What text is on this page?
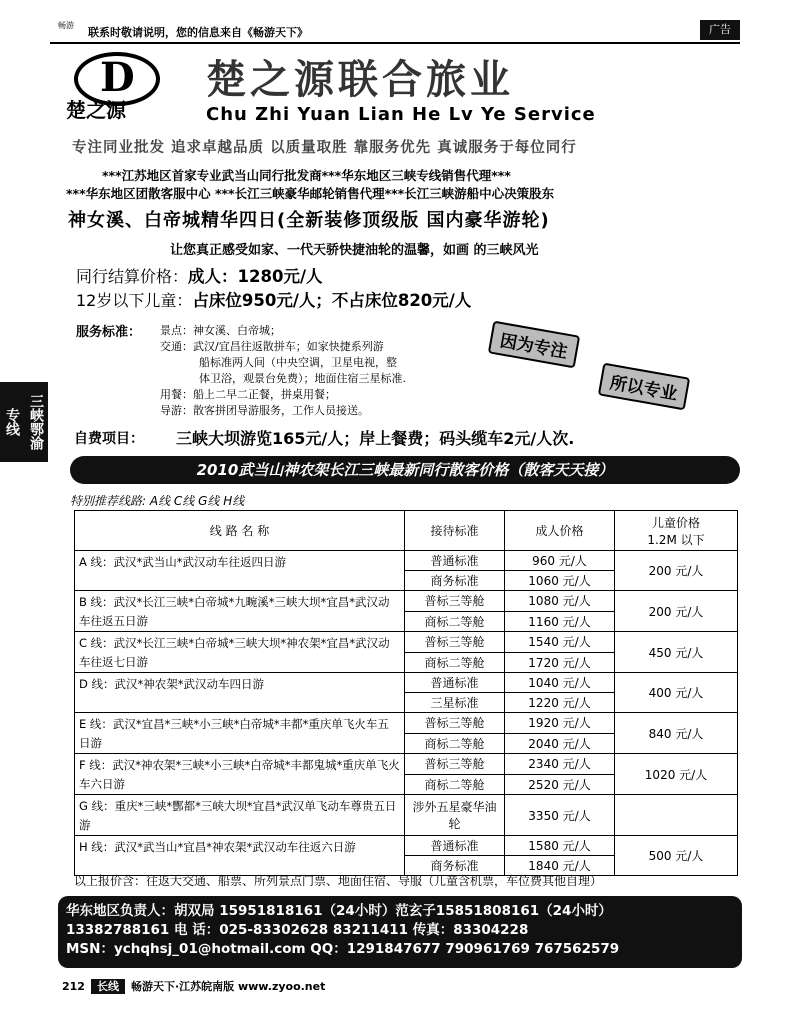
畅游
联系时敬请说明，您的信息来自《畅游天下》	广告
三峡鄂渝专线
D
楚之源
楚之源联合旅业
Chu Zhi Yuan Lian He Lv Ye Service
专注同业批发 追求卓越品质 以质量取胜 靠服务优先 真诚服务于每位同行
***江苏地区首家专业武当山同行批发商***华东地区三峡专线销售代理***
***华东地区团散客服中心 ***长江三峡豪华邮轮销售代理***长江三峡游船中心决策股东
神女溪、白帝城精华四日(全新装修顶级版 国内豪华游轮)
让您真正感受如家、一代天骄快捷油轮的温馨，如画 的三峡风光
同行结算价格：成人：1280元/人
12岁以下儿童：占床位950元/人；不占床位820元/人
服务标准： 景点：神女溪、白帝城；
交通：武汉/宜昌往返散拼车；如家快捷系列游
船标准两人间（中央空调，卫星电视，整
体卫浴，观景台免费）；地面住宿三星标准.
用餐：船上二早二正餐，拼桌用餐；
导游：散客拼团导游服务，工作人员接送。
因为专注
所以专业
自费项目： 三峡大坝游览165元/人；岸上餐费；码头缆车2元/人次.
2010武当山神农架长江三峡最新同行散客价格（散客天天接）
特别推荐线路: A线 C线 G线 H线
线 路 名 称	接待标准	成人价格	儿童价格
1.2M 以下

A 线：武汉*武当山*武汉动车往返四日游	普通标准	960 元/人	200 元/人
	商务标准	1060 元/人	
B 线：武汉*长江三峡*白帝城*九畹溪*三峡大坝*宜昌*武汉动车往返五日游	普标三等舱	1080 元/人	200 元/人
	商标二等舱	1160 元/人	
C 线：武汉*长江三峡*白帝城*三峡大坝*神农架*宜昌*武汉动车往返七日游	普标三等舱	1540 元/人	450 元/人
	商标二等舱	1720 元/人	
D 线：武汉*神农架*武汉动车四日游	普通标准	1040 元/人	400 元/人
	三星标准	1220 元/人	
E 线：武汉*宜昌*三峡*小三峡*白帝城*丰都*重庆单飞火车五日游	普标三等舱	1920 元/人	840 元/人
	商标二等舱	2040 元/人	
F 线：武汉*神农架*三峡*小三峡*白帝城*丰都鬼城*重庆单飞火车六日游	普标三等舱	2340 元/人	1020 元/人
	商标二等舱	2520 元/人	
G 线：重庆*三峡*酆都*三峡大坝*宜昌*武汉单飞动车尊贵五日游	涉外五星豪华油轮	3350 元/人	
H 线：武汉*武当山*宜昌*神农架*武汉动车往返六日游	普通标准	1580 元/人	500 元/人
	商务标准	1840 元/人	
以上报价含：往返大交通、船票、所列景点门票、地面住宿、导服（儿童含机票，车位费其他自理）
华东地区负责人：胡双局 15951818161（24小时）范玄子15851808161（24小时）
13382788161 电 话：025-83302628 83211411 传真：83304228
MSN：ychqhsj_01@hotmail.com QQ：1291847677 790961769 767562579
212 长线 畅游天下·江苏皖南版 www.zyoo.net
